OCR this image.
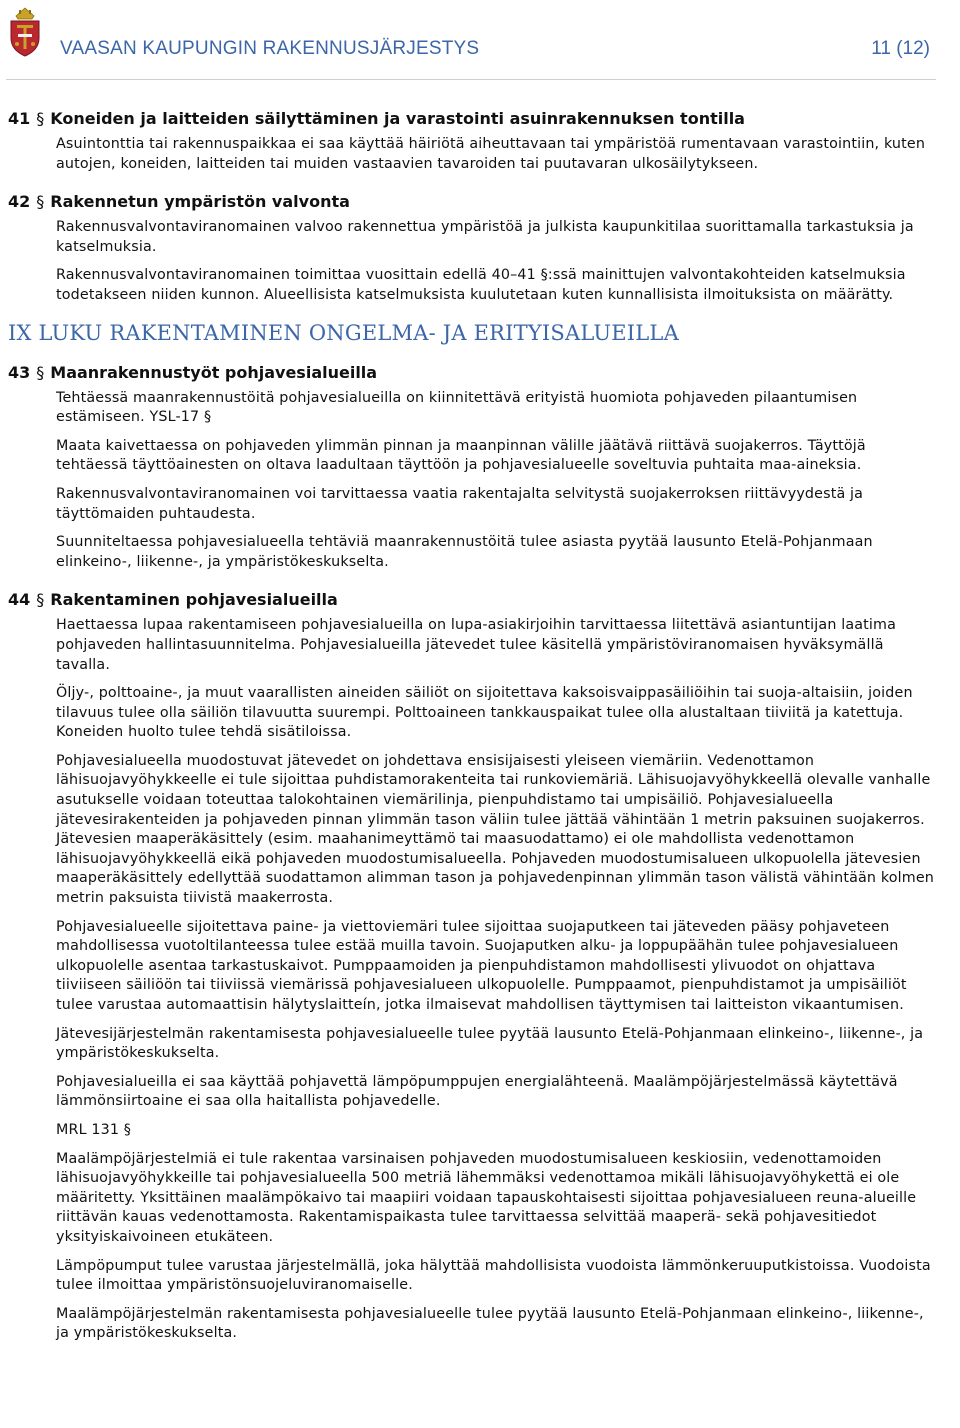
VAASAN KAUPUNGIN RAKENNUSJÄRJESTYS	11 (12)
41 § Koneiden ja laitteiden säilyttäminen ja varastointi asuinrakennuksen tontilla

Asuintonttia tai rakennuspaikkaa ei saa käyttää häiriötä aiheuttavaan tai ympäristöä rumentavaan varastointiin, kuten autojen, koneiden, laitteiden tai muiden vastaavien tavaroiden tai puutavaran ulkosäilytykseen.

42 § Rakennetun ympäristön valvonta

Rakennusvalvontaviranomainen valvoo rakennettua ympäristöä ja julkista kaupunkitilaa suorittamalla tarkastuksia ja katselmuksia.

Rakennusvalvontaviranomainen toimittaa vuosittain edellä 40–41 §:ssä mainittujen valvontakohteiden katselmuksia todetakseen niiden kunnon. Alueellisista katselmuksista kuulutetaan kuten kunnallisista ilmoituksista on määrätty.

IX LUKU RAKENTAMINEN ONGELMA- JA ERITYISALUEILLA
43 § Maanrakennustyöt pohjavesialueilla

Tehtäessä maanrakennustöitä pohjavesialueilla on kiinnitettävä erityistä huomiota pohjaveden pilaantumisen estämiseen. YSL-17 §

Maata kaivettaessa on pohjaveden ylimmän pinnan ja maanpinnan välille jäätävä riittävä suojakerros. Täyttöjä tehtäessä täyttöainesten on oltava laadultaan täyttöön ja pohjavesialueelle soveltuvia puhtaita maa-aineksia.

Rakennusvalvontaviranomainen voi tarvittaessa vaatia rakentajalta selvitystä suojakerroksen riittävyydestä ja täyttömaiden puhtaudesta.

Suunniteltaessa pohjavesialueella tehtäviä maanrakennustöitä tulee asiasta pyytää lausunto Etelä-Pohjanmaan elinkeino-, liikenne-, ja ympäristökeskukselta.

44 § Rakentaminen pohjavesialueilla

Haettaessa lupaa rakentamiseen pohjavesialueilla on lupa-asiakirjoihin tarvittaessa liitettävä asiantuntijan laatima pohjaveden hallintasuunnitelma. Pohjavesialueilla jätevedet tulee käsitellä ympäristöviranomaisen hyväksymällä tavalla.

Öljy-, polttoaine-, ja muut vaarallisten aineiden säiliöt on sijoitettava kaksoisvaippasäiliöihin tai suoja-altaisiin, joiden tilavuus tulee olla säiliön tilavuutta suurempi. Polttoaineen tankkauspaikat tulee olla alustaltaan tiiviitä ja katettuja. Koneiden huolto tulee tehdä sisätiloissa.

Pohjavesialueella muodostuvat jätevedet on johdettava ensisijaisesti yleiseen viemäriin. Vedenottamon lähisuojavyöhykkeelle ei tule sijoittaa puhdistamorakenteita tai runkoviemäriä. Lähisuojavyöhykkeellä olevalle vanhalle asutukselle voidaan toteuttaa talokohtainen viemärilinja, pienpuhdistamo tai umpisäiliö. Pohjavesialueella jätevesirakenteiden ja pohjaveden pinnan ylimmän tason väliin tulee jättää vähintään 1 metrin paksuinen suojakerros. Jätevesien maaperäkäsittely (esim. maahanimeyttämö tai maasuodattamo) ei ole mahdollista vedenottamon lähisuojavyöhykkeellä eikä pohjaveden muodostumisalueella. Pohjaveden muodostumisalueen ulkopuolella jätevesien maaperäkäsittely edellyttää suodattamon alimman tason ja pohjavedenpinnan ylimmän tason välistä vähintään kolmen metrin paksuista tiivistä maakerrosta.

Pohjavesialueelle sijoitettava paine- ja viettoviemäri tulee sijoittaa suojaputkeen tai jäteveden pääsy pohjaveteen mahdollisessa vuotoltilanteessa tulee estää muilla tavoin. Suojaputken alku- ja loppupäähän tulee pohjavesialueen ulkopuolelle asentaa tarkastuskaivot. Pumppaamoiden ja pienpuhdistamon mahdollisesti ylivuodot on ohjattava tiiviiseen säiliöön tai tiiviissä viemärissä pohjavesialueen ulkopuolelle. Pumppaamot, pienpuhdistamot ja umpisäiliöt tulee varustaa automaattisin hälytyslaitteín, jotka ilmaisevat mahdollisen täyttymisen tai laitteiston vikaantumisen.

Jätevesijärjestelmän rakentamisesta pohjavesialueelle tulee pyytää lausunto Etelä-Pohjanmaan elinkeino-, liikenne-, ja ympäristökeskukselta.

Pohjavesialueilla ei saa käyttää pohjavettä lämpöpumppujen energialähteenä. Maalämpöjärjestelmässä käytettävä lämmönsiirtoaine ei saa olla haitallista pohjavedelle.

MRL 131 §

Maalämpöjärjestelmiä ei tule rakentaa varsinaisen pohjaveden muodostumisalueen keskiosiin, vedenottamoiden lähisuojavyöhykkeille tai pohjavesialueella 500 metriä lähemmäksi vedenottamoa mikäli lähisuojavyöhykettä ei ole määritetty. Yksittäinen maalämpökaivo tai maapiiri voidaan tapauskohtaisesti sijoittaa pohjavesialueen reuna-alueille riittävän kauas vedenottamosta. Rakentamispaikasta tulee tarvittaessa selvittää maaperä- sekä pohjavesitiedot yksityiskaivoineen etukäteen.

Lämpöpumput tulee varustaa järjestelmällä, joka hälyttää mahdollisista vuodoista lämmönkeruuputkistoissa. Vuodoista tulee ilmoittaa ympäristönsuojeluviranomaiselle.

Maalämpöjärjestelmän rakentamisesta pohjavesialueelle tulee pyytää lausunto Etelä-Pohjanmaan elinkeino-, liikenne-, ja ympäristökeskukselta.
